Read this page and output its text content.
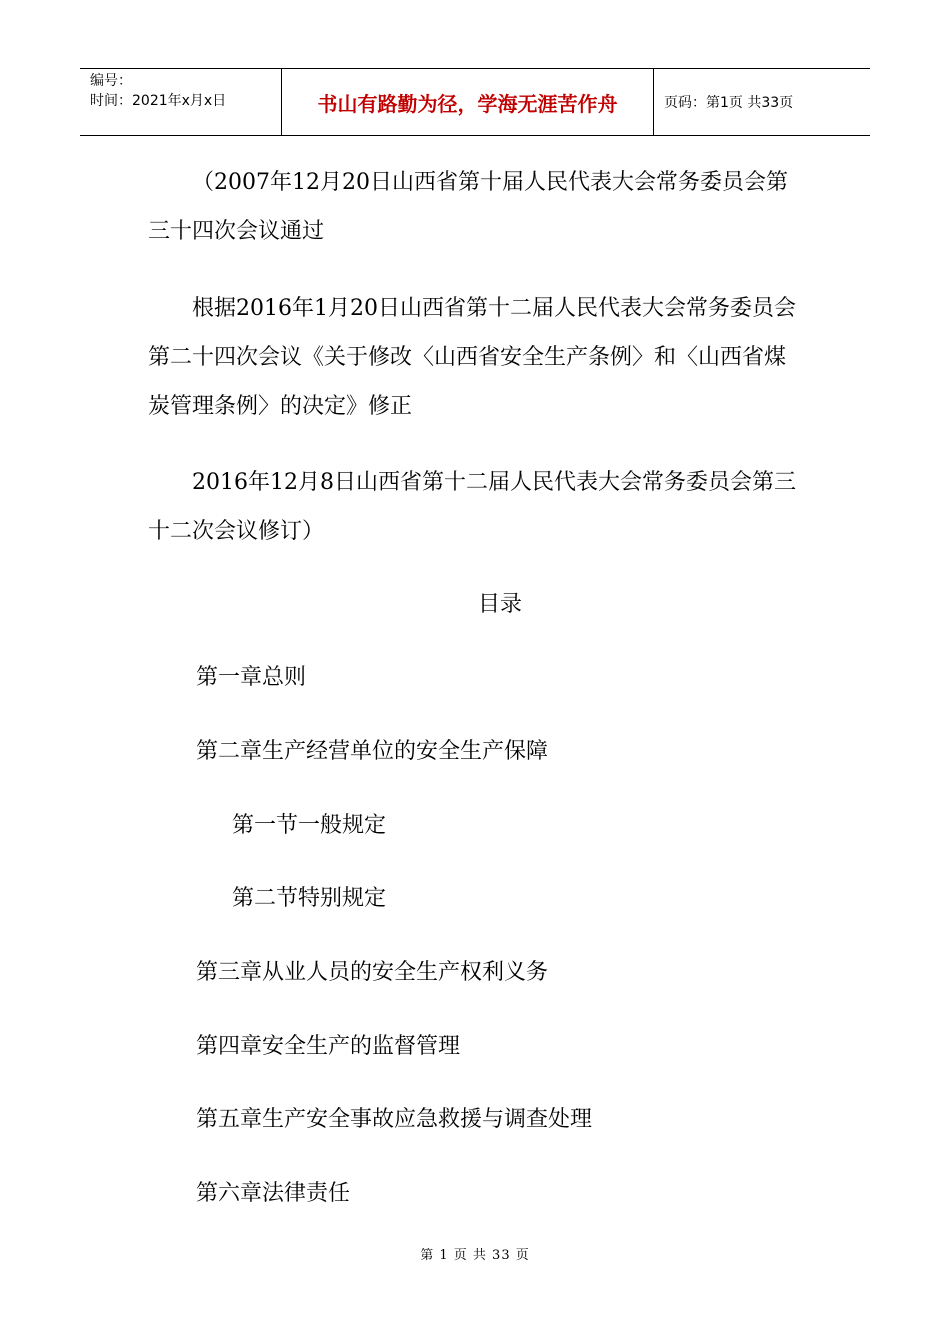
编号：
时间：2021年x月x日	书山有路勤为径，学海无涯苦作舟	页码：第1页 共33页

（2007年12月20日山西省第十届人民代表大会常务委员会第三十四次会议通过

根据2016年1月20日山西省第十二届人民代表大会常务委员会第二十四次会议《关于修改〈山西省安全生产条例〉和〈山西省煤炭管理条例〉的决定》修正

2016年12月8日山西省第十二届人民代表大会常务委员会第三十二次会议修订）

目录

第一章总则

第二章生产经营单位的安全生产保障

第一节一般规定

第二节特别规定

第三章从业人员的安全生产权利义务

第四章安全生产的监督管理

第五章生产安全事故应急救援与调查处理

第六章法律责任

第 1 页 共 33 页
